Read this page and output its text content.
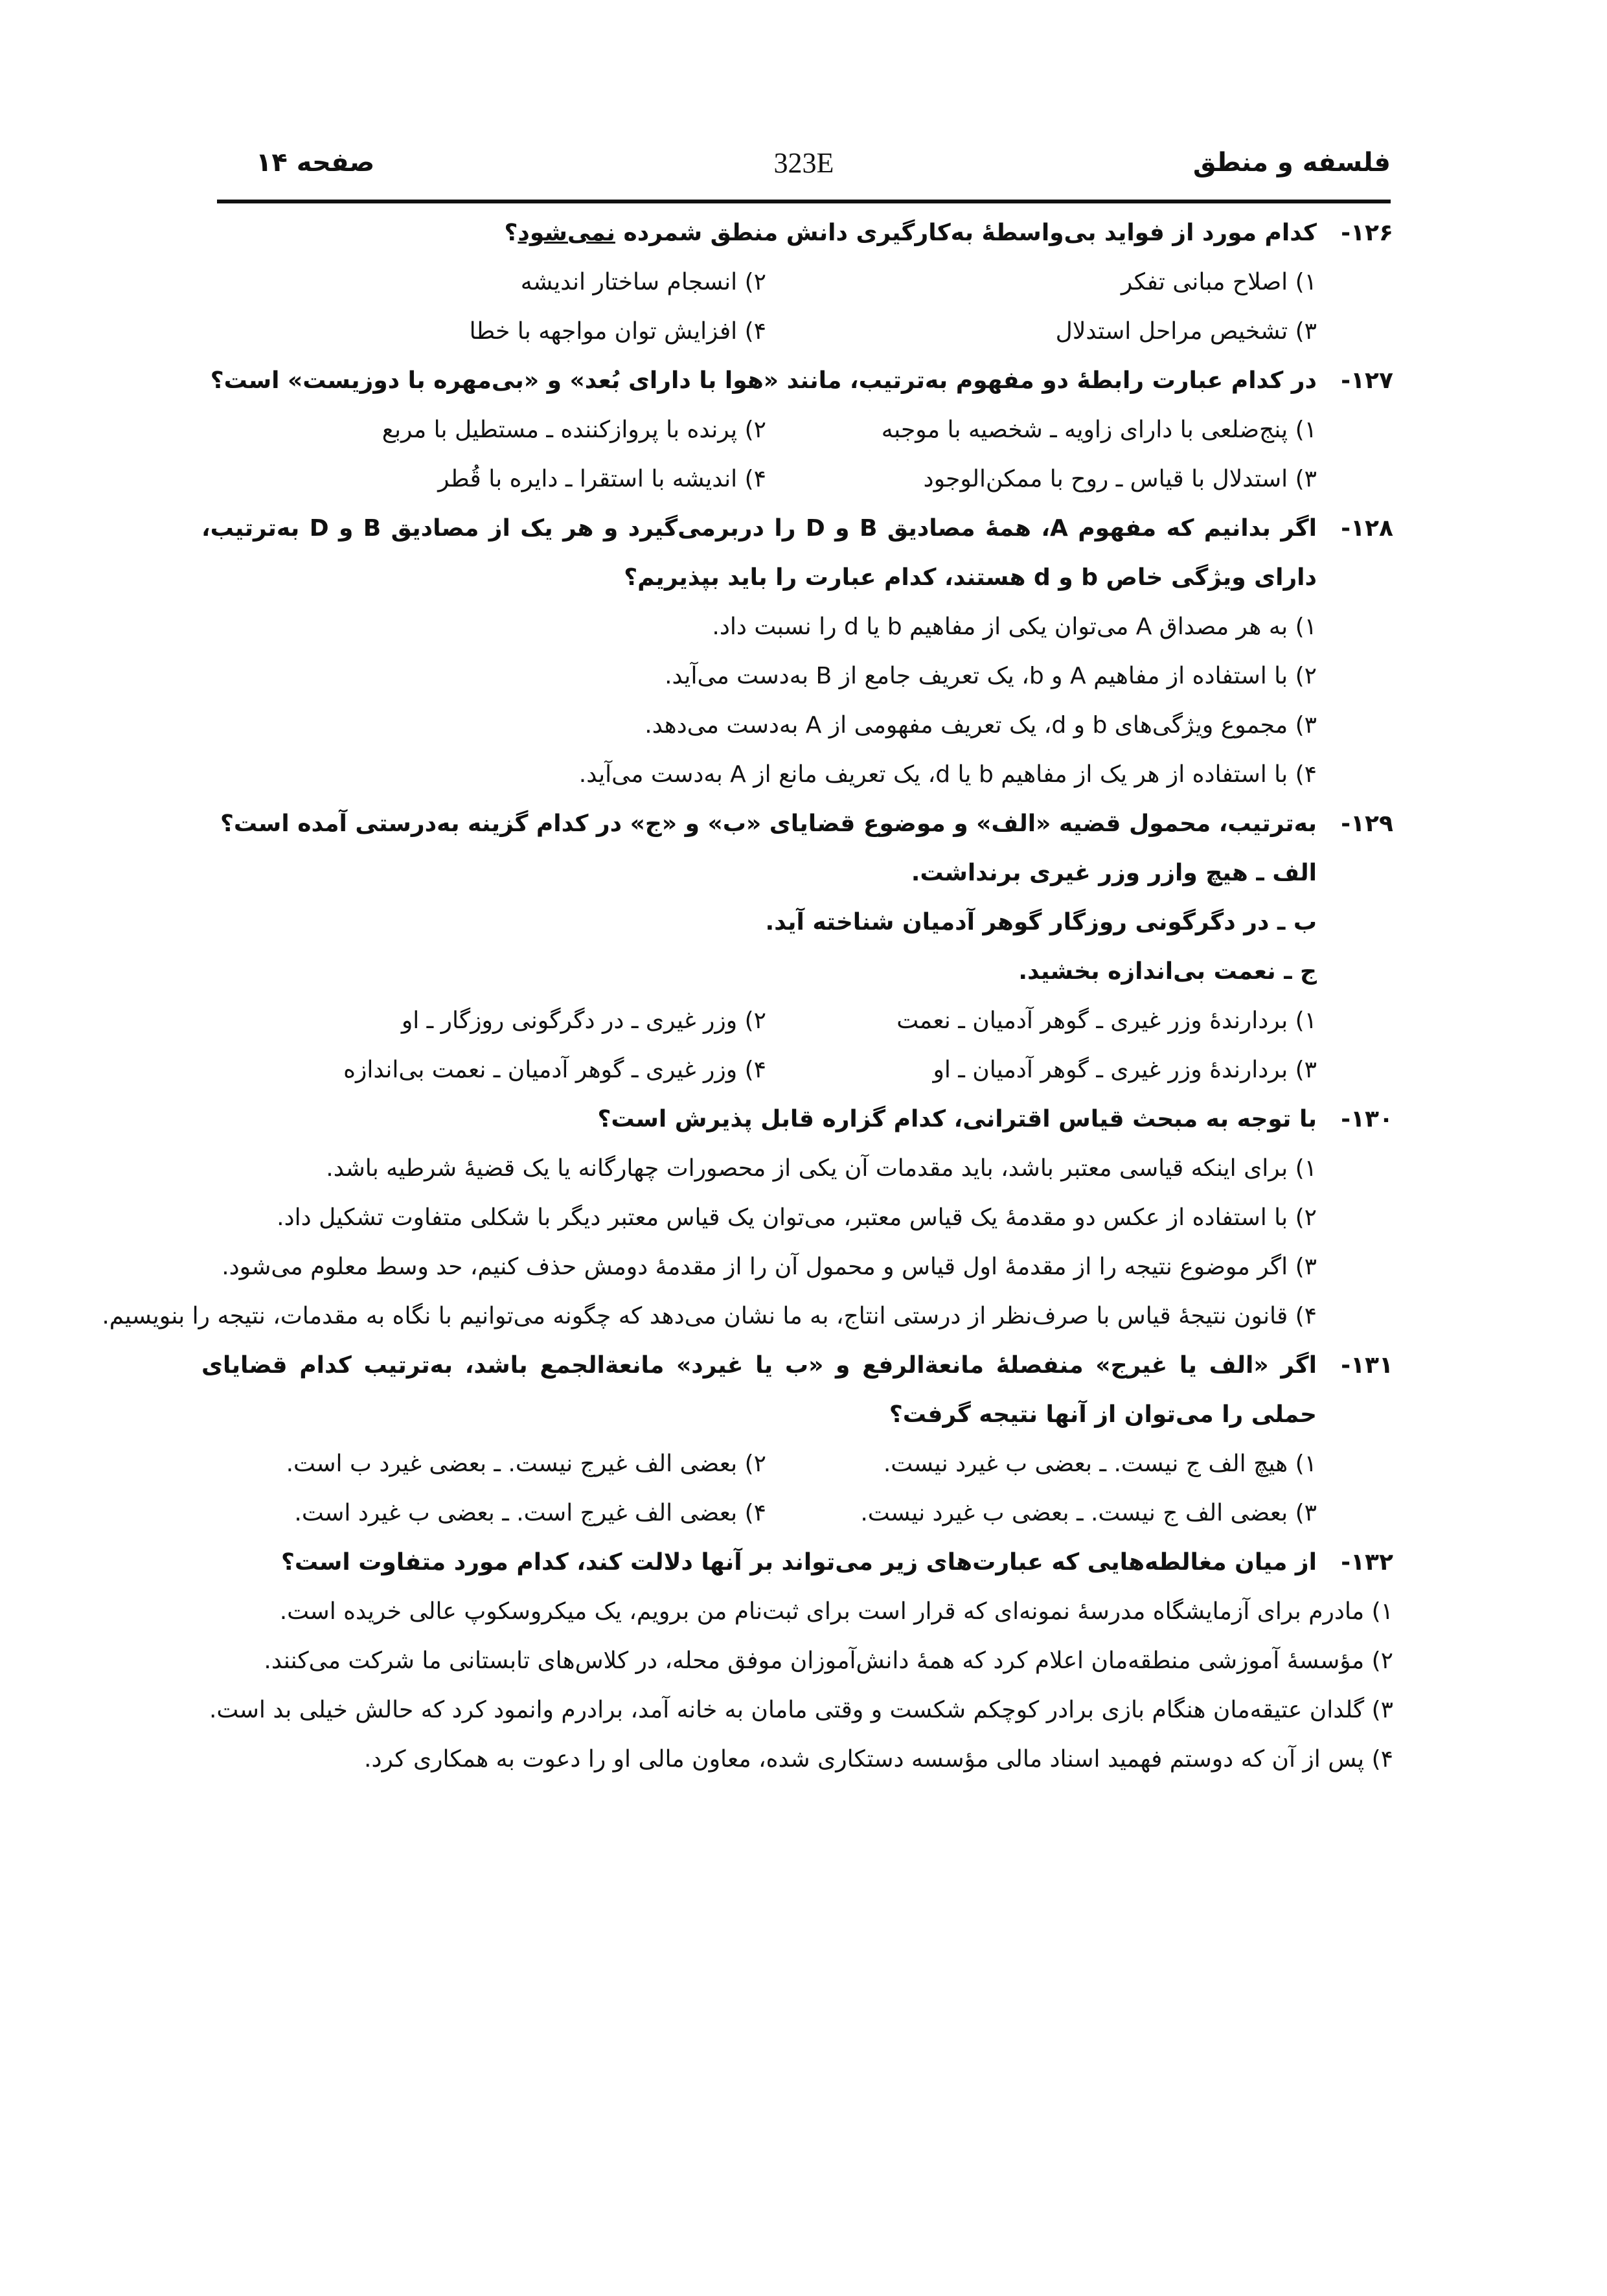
فلسفه و منطق
323E
صفحه ۱۴
۱۲۶-
کدام مورد از فواید بی‌واسطهٔ به‌کارگیری دانش منطق شمرده نمی‌شود؟
۱) اصلاح مبانی تفکر
۲) انسجام ساختار اندیشه
۳) تشخیص مراحل استدلال
۴) افزایش توان مواجهه با خطا
۱۲۷-
در کدام عبارت رابطهٔ دو مفهوم به‌ترتیب، مانند «هوا با دارای بُعد» و «بی‌مهره با دوزیست» است؟
۱) پنج‌ضلعی با دارای زاویه ـ شخصیه با موجبه
۲) پرنده با پروازکننده ـ مستطیل با مربع
۳) استدلال با قیاس ـ روح با ممکن‌الوجود
۴) اندیشه با استقرا ـ دایره با قُطر
۱۲۸-
اگر بدانیم که مفهوم A، همهٔ مصادیق B و D را دربرمی‌گیرد و هر یک از مصادیق B و D به‌ترتیب، دارای ویژگی خاص b و d هستند، کدام عبارت را باید بپذیریم؟
۱) به هر مصداق A می‌توان یکی از مفاهیم b یا d را نسبت داد.
۲) با استفاده از مفاهیم A و b، یک تعریف جامع از B به‌دست می‌آید.
۳) مجموع ویژگی‌های b و d، یک تعریف مفهومی از A به‌دست می‌دهد.
۴) با استفاده از هر یک از مفاهیم b یا d، یک تعریف مانع از A به‌دست می‌آید.
۱۲۹-
به‌ترتیب، محمول قضیه «الف» و موضوع قضایای «ب» و «ج» در کدام گزینه به‌درستی آمده است؟
الف ـ هیچ وازر وزر غیری برنداشت.
ب ـ در دگرگونی روزگار گوهر آدمیان شناخته آید.
ج ـ نعمت بی‌اندازه بخشید.
۱) بردارندهٔ وزر غیری ـ گوهر آدمیان ـ نعمت
۲) وزر غیری ـ در دگرگونی روزگار ـ او
۳) بردارندهٔ وزر غیری ـ گوهر آدمیان ـ او
۴) وزر غیری ـ گوهر آدمیان ـ نعمت بی‌اندازه
۱۳۰-
با توجه به مبحث قیاس اقترانی، کدام گزاره قابل پذیرش است؟
۱) برای اینکه قیاسی معتبر باشد، باید مقدمات آن یکی از محصورات چهارگانه یا یک قضیهٔ شرطیه باشد.
۲) با استفاده از عکس دو مقدمهٔ یک قیاس معتبر، می‌توان یک قیاس معتبر دیگر با شکلی متفاوت تشکیل داد.
۳) اگر موضوع نتیجه را از مقدمهٔ اول قیاس و محمول آن را از مقدمهٔ دومش حذف کنیم، حد وسط معلوم می‌شود.
۴) قانون نتیجهٔ قیاس با صرف‌نظر از درستی انتاج، به ما نشان می‌دهد که چگونه می‌توانیم با نگاه به مقدمات، نتیجه را بنویسیم.
۱۳۱-
اگر «الف یا غیرج» منفصلهٔ مانعةالرفع و «ب یا غیرد» مانعةالجمع باشد، به‌ترتیب کدام قضایای حملی را می‌توان از آنها نتیجه گرفت؟
۱) هیچ الف ج نیست. ـ بعضی ب غیرد نیست.
۲) بعضی الف غیرج نیست. ـ بعضی غیرد ب است.
۳) بعضی الف ج نیست. ـ بعضی ب غیرد نیست.
۴) بعضی الف غیرج است. ـ بعضی ب غیرد است.
۱۳۲-
از میان مغالطه‌هایی که عبارت‌های زیر می‌تواند بر آنها دلالت کند، کدام مورد متفاوت است؟
۱) مادرم برای آزمایشگاه مدرسهٔ نمونه‌ای که قرار است برای ثبت‌نام من برویم، یک میکروسکوپ عالی خریده است.
۲) مؤسسهٔ آموزشی منطقه‌مان اعلام کرد که همهٔ دانش‌آموزان موفق محله، در کلاس‌های تابستانی ما شرکت می‌کنند.
۳) گلدان عتیقه‌مان هنگام بازی برادر کوچکم شکست و وقتی مامان به خانه آمد، برادرم وانمود کرد که حالش خیلی بد است.
۴) پس از آن که دوستم فهمید اسناد مالی مؤسسه دستکاری شده، معاون مالی او را دعوت به همکاری کرد.
